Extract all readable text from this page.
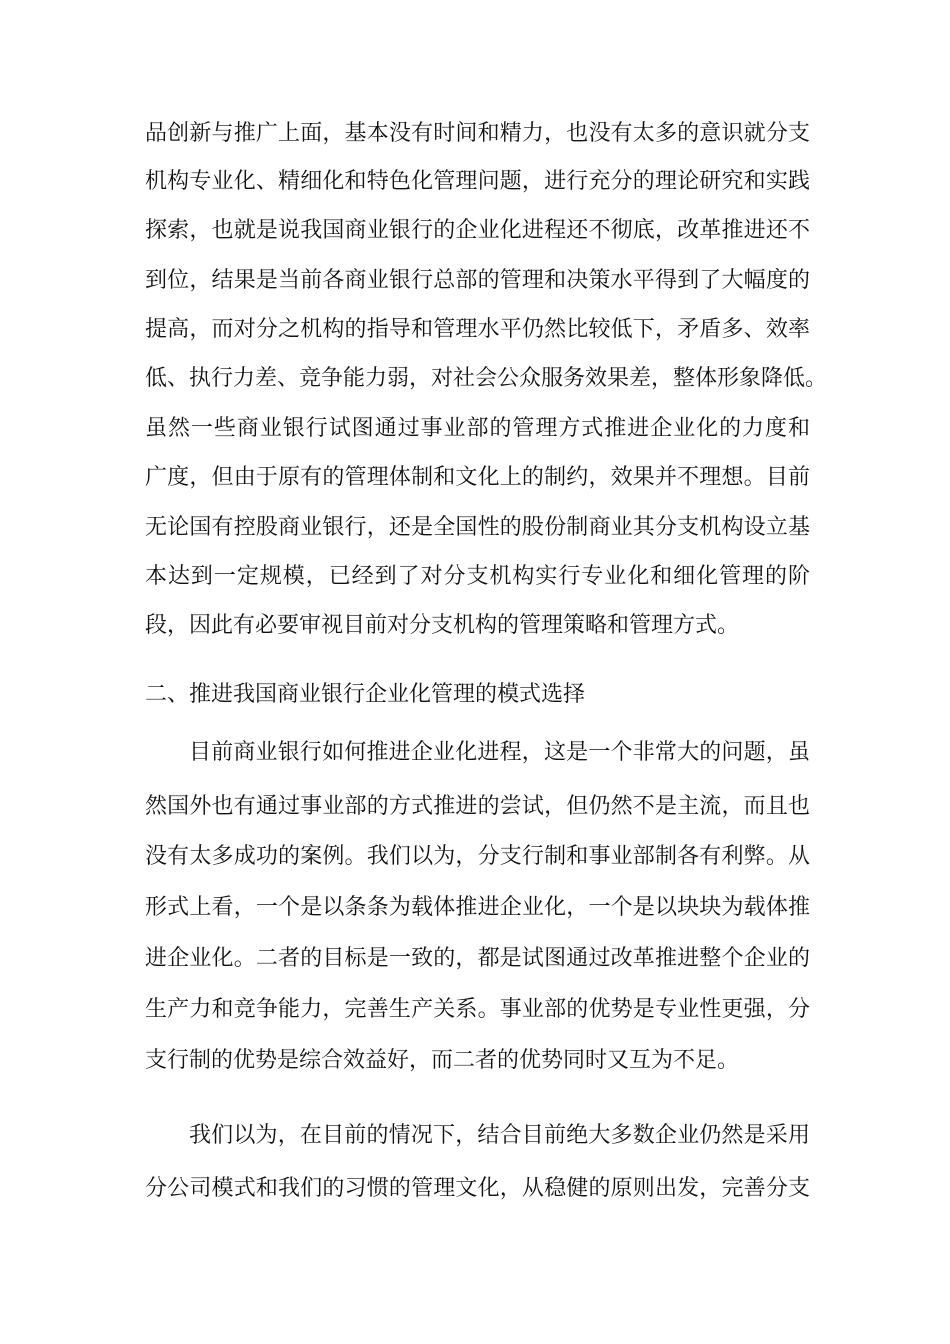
品创新与推广上面，基本没有时间和精力，也没有太多的意识就分支

机构专业化、精细化和特色化管理问题，进行充分的理论研究和实践

探索，也就是说我国商业银行的企业化进程还不彻底，改革推进还不

到位，结果是当前各商业银行总部的管理和决策水平得到了大幅度的

提高，而对分之机构的指导和管理水平仍然比较低下，矛盾多、效率

低、执行力差、竞争能力弱，对社会公众服务效果差，整体形象降低。

虽然一些商业银行试图通过事业部的管理方式推进企业化的力度和

广度，但由于原有的管理体制和文化上的制约，效果并不理想。目前

无论国有控股商业银行，还是全国性的股份制商业其分支机构设立基

本达到一定规模，已经到了对分支机构实行专业化和细化管理的阶

段，因此有必要审视目前对分支机构的管理策略和管理方式。

二、推进我国商业银行企业化管理的模式选择

目前商业银行如何推进企业化进程，这是一个非常大的问题，虽

然国外也有通过事业部的方式推进的尝试，但仍然不是主流，而且也

没有太多成功的案例。我们以为，分支行制和事业部制各有利弊。从

形式上看，一个是以条条为载体推进企业化，一个是以块块为载体推

进企业化。二者的目标是一致的，都是试图通过改革推进整个企业的

生产力和竞争能力，完善生产关系。事业部的优势是专业性更强，分

支行制的优势是综合效益好，而二者的优势同时又互为不足。

我们以为，在目前的情况下，结合目前绝大多数企业仍然是采用

分公司模式和我们的习惯的管理文化，从稳健的原则出发，完善分支
